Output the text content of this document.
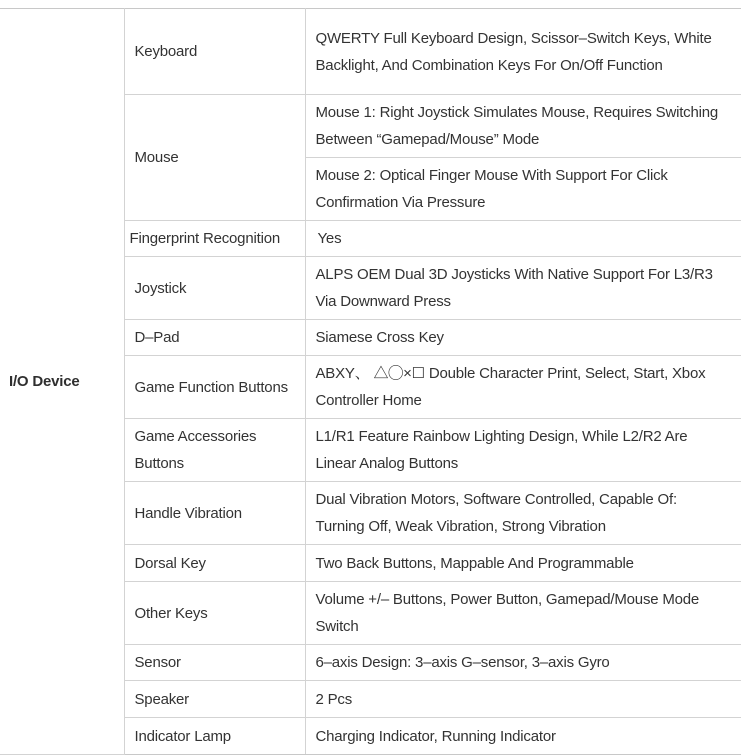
I/O Device	Keyboard	QWERTY Full Keyboard Design, Scissor–Switch Keys, White Backlight, And Combination Keys For On/Off Function
	Mouse	Mouse 1: Right Joystick Simulates Mouse, Requires Switching Between “Gamepad/Mouse” Mode
		Mouse 2: Optical Finger Mouse With Support For Click Confirmation Via Pressure
	Fingerprint Recognition	Yes
	Joystick	ALPS OEM Dual 3D Joysticks With Native Support For L3/R3 Via Downward Press
	D–Pad	Siamese Cross Key
	Game Function Buttons	ABXY、 △◯×☐ Double Character Print, Select, Start, Xbox Controller Home
	Game Accessories Buttons	L1/R1 Feature Rainbow Lighting Design, While L2/R2 Are Linear Analog Buttons
	Handle Vibration	Dual Vibration Motors, Software Controlled, Capable Of: Turning Off, Weak Vibration, Strong Vibration
	Dorsal Key	Two Back Buttons, Mappable And Programmable
	Other Keys	Volume +/– Buttons, Power Button, Gamepad/Mouse Mode Switch
	Sensor	6–axis Design: 3–axis G–sensor, 3–axis Gyro
	Speaker	2 Pcs
	Indicator Lamp	Charging Indicator, Running Indicator
